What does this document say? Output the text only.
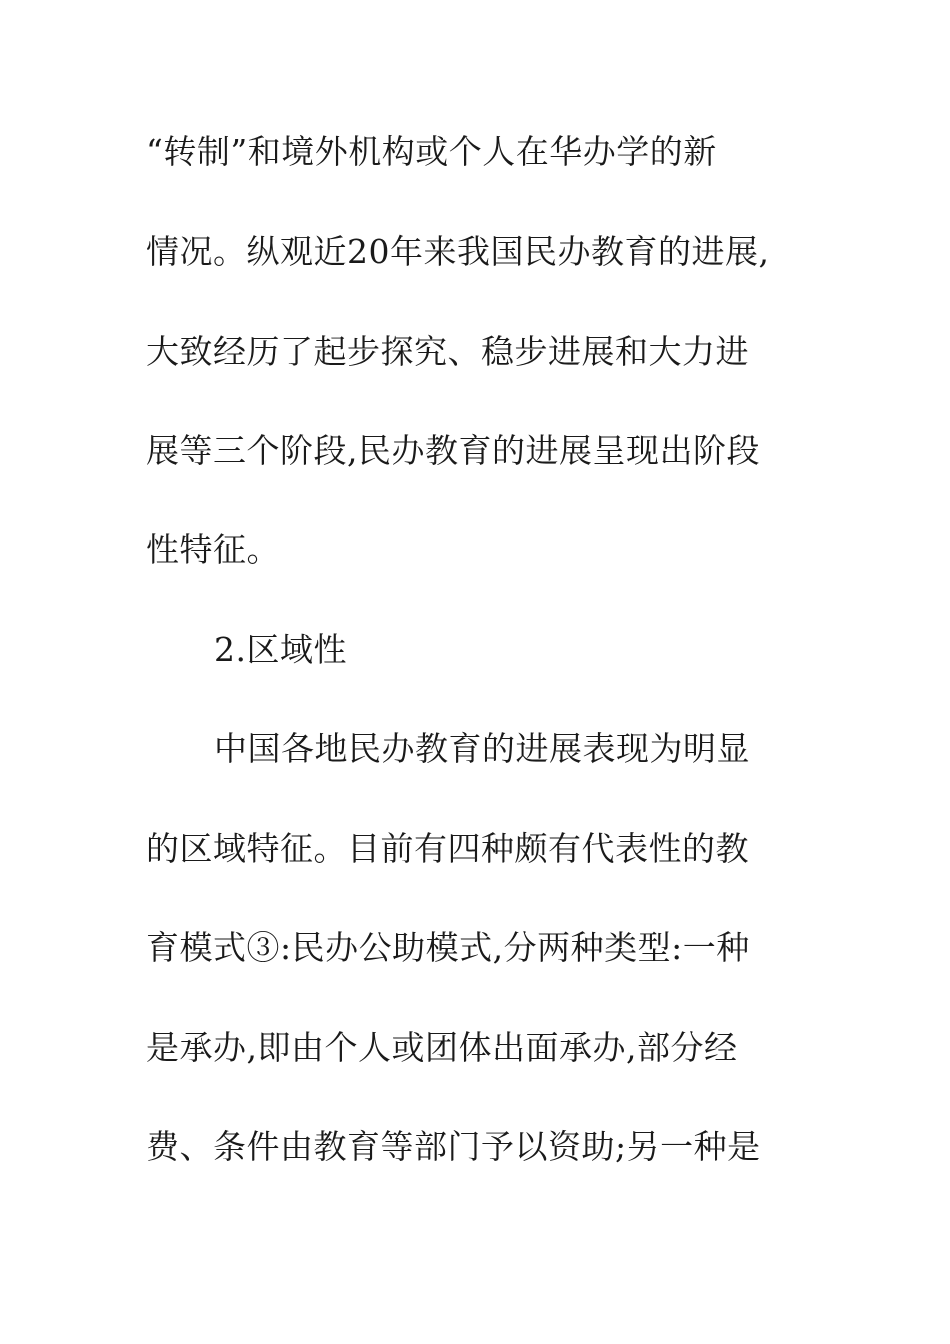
“转制”和境外机构或个人在华办学的新
情况。纵观近20年来我国民办教育的进展,
大致经历了起步探究、稳步进展和大力进
展等三个阶段,民办教育的进展呈现出阶段
性特征。
2.区域性
中国各地民办教育的进展表现为明显
的区域特征。目前有四种颇有代表性的教
育模式③:民办公助模式,分两种类型:一种
是承办,即由个人或团体出面承办,部分经
费、条件由教育等部门予以资助;另一种是
